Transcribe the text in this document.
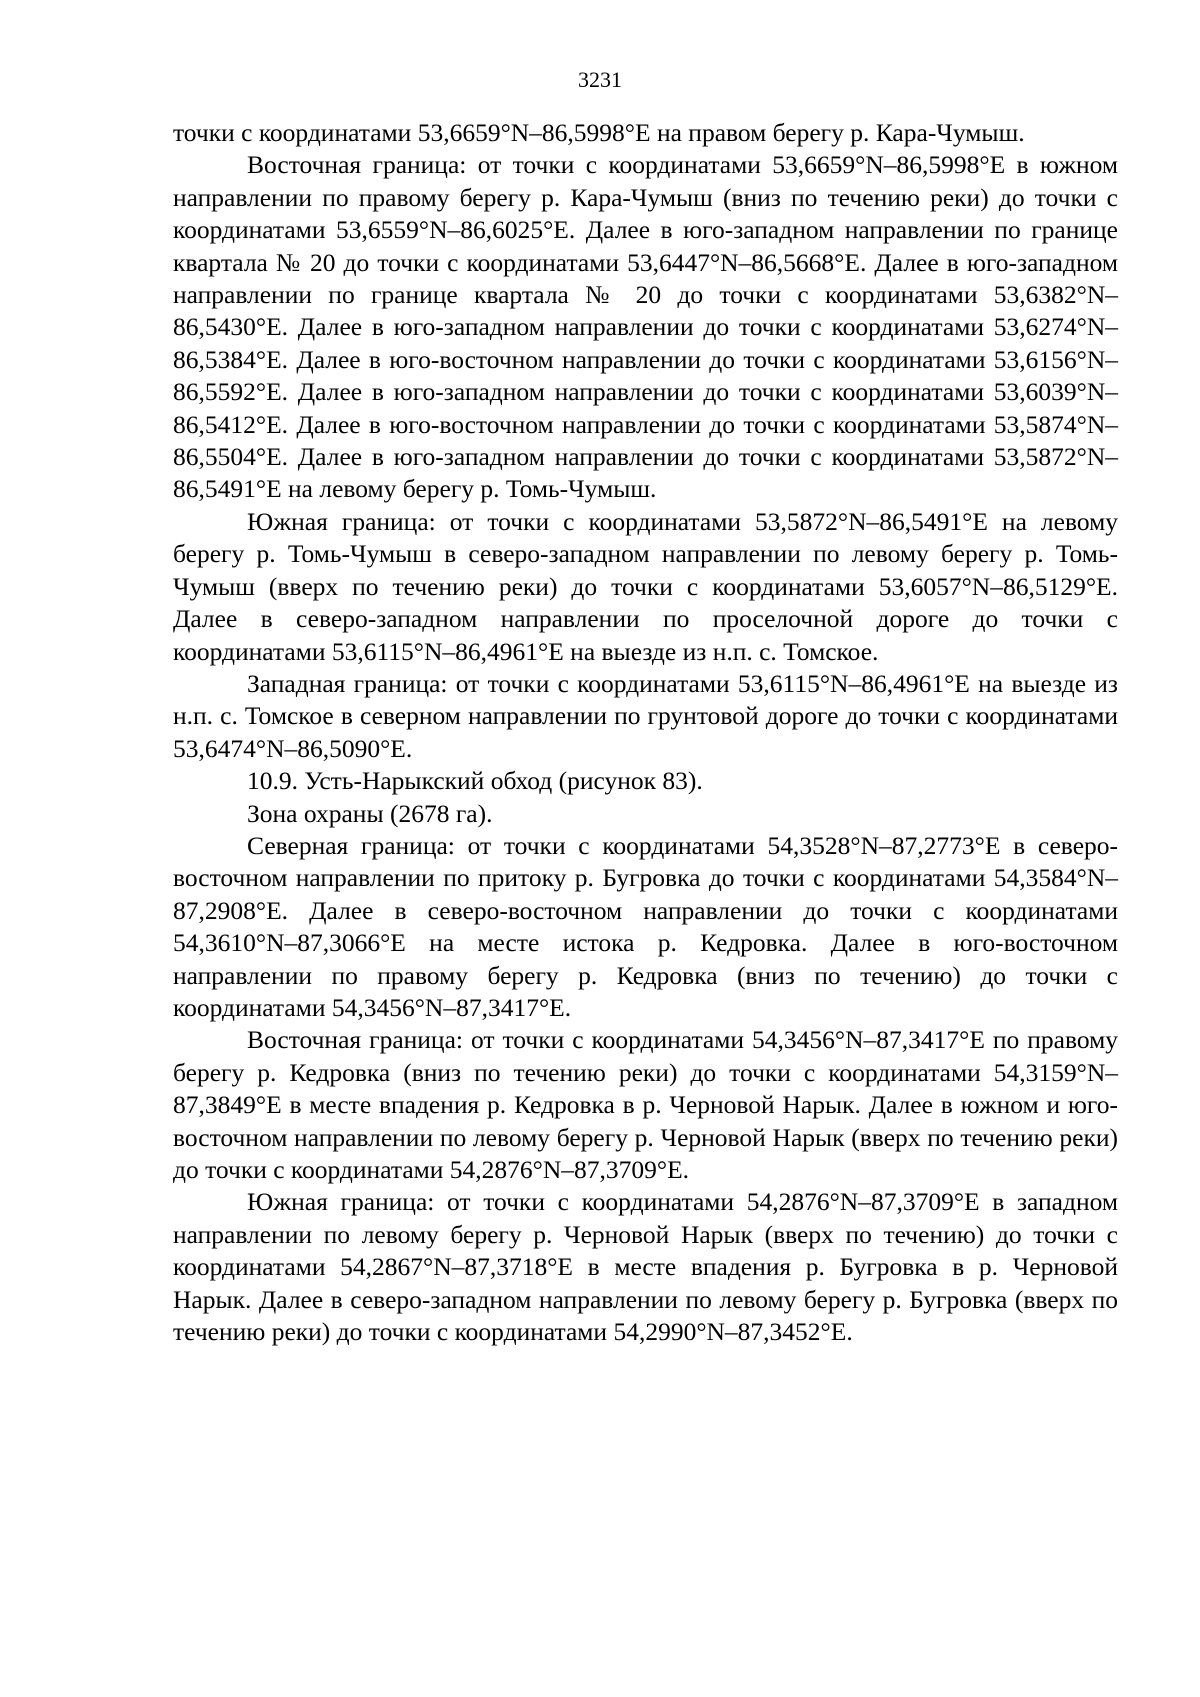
3231

точки с координатами 53,6659°N–86,5998°E на правом берегу р. Кара-Чумыш.

Восточная граница: от точки с координатами 53,6659°N–86,5998°E в южном направлении по правому берегу р. Кара-Чумыш (вниз по течению реки) до точки с координатами 53,6559°N–86,6025°E. Далее в юго-западном направлении по границе квартала № 20 до точки с координатами 53,6447°N–86,5668°E. Далее в юго-западном направлении по границе квартала № 20 до точки с координатами 53,6382°N–86,5430°E. Далее в юго-западном направлении до точки с координатами 53,6274°N–86,5384°E. Далее в юго-восточном направлении до точки с координатами 53,6156°N–86,5592°E. Далее в юго-западном направлении до точки с координатами 53,6039°N–86,5412°E. Далее в юго-восточном направлении до точки с координатами 53,5874°N–86,5504°E. Далее в юго-западном направлении до точки с координатами 53,5872°N–86,5491°E на левому берегу р. Томь-Чумыш.

Южная граница: от точки с координатами 53,5872°N–86,5491°E на левому берегу р. Томь-Чумыш в северо-западном направлении по левому берегу р. Томь-Чумыш (вверх по течению реки) до точки с координатами 53,6057°N–86,5129°E. Далее в северо-западном направлении по проселочной дороге до точки с координатами 53,6115°N–86,4961°E на выезде из н.п. с. Томское.

Западная граница: от точки с координатами 53,6115°N–86,4961°E на выезде из н.п. с. Томское в северном направлении по грунтовой дороге до точки с координатами 53,6474°N–86,5090°E.

10.9. Усть-Нарыкский обход (рисунок 83).

Зона охраны (2678 га).

Северная граница: от точки с координатами 54,3528°N–87,2773°E в северо-восточном направлении по притоку р. Бугровка до точки с координатами 54,3584°N–87,2908°E. Далее в северо-восточном направлении до точки с координатами 54,3610°N–87,3066°E на месте истока р. Кедровка. Далее в юго-восточном направлении по правому берегу р. Кедровка (вниз по течению) до точки с координатами 54,3456°N–87,3417°E.

Восточная граница: от точки с координатами 54,3456°N–87,3417°E по правому берегу р. Кедровка (вниз по течению реки) до точки с координатами 54,3159°N–87,3849°E в месте впадения р. Кедровка в р. Черновой Нарык. Далее в южном и юго-восточном направлении по левому берегу р. Черновой Нарык (вверх по течению реки) до точки с координатами 54,2876°N–87,3709°E.

Южная граница: от точки с координатами 54,2876°N–87,3709°E в западном направлении по левому берегу р. Черновой Нарык (вверх по течению) до точки с координатами 54,2867°N–87,3718°E в месте впадения р. Бугровка в р. Черновой Нарык. Далее в северо-западном направлении по левому берегу р. Бугровка (вверх по течению реки) до точки с координатами 54,2990°N–87,3452°E.
